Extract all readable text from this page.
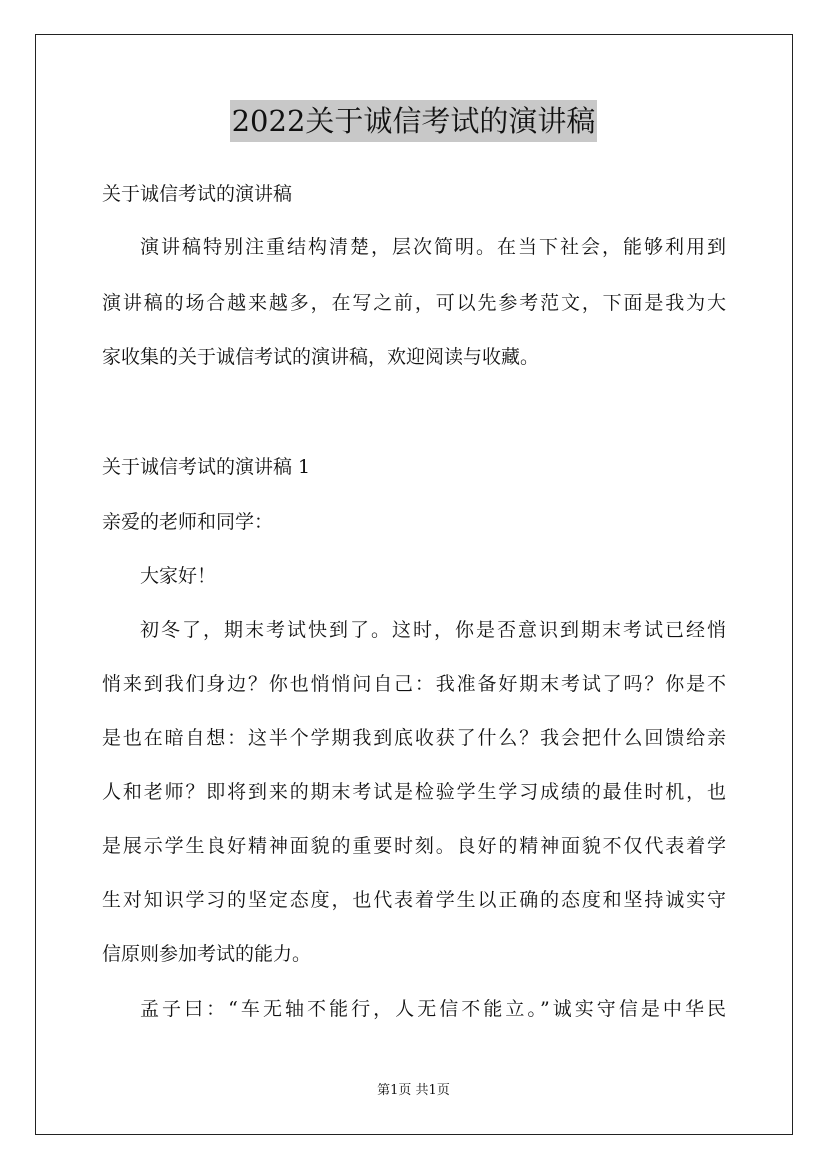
2022关于诚信考试的演讲稿
关于诚信考试的演讲稿
演讲稿特别注重结构清楚，层次简明。在当下社会，能够利用到
演讲稿的场合越来越多，在写之前，可以先参考范文，下面是我为大
家收集的关于诚信考试的演讲稿，欢迎阅读与收藏。
关于诚信考试的演讲稿 1
亲爱的老师和同学：
大家好！
初冬了，期末考试快到了。这时，你是否意识到期末考试已经悄
悄来到我们身边？你也悄悄问自己：我准备好期末考试了吗？你是不
是也在暗自想：这半个学期我到底收获了什么？我会把什么回馈给亲
人和老师？即将到来的期末考试是检验学生学习成绩的最佳时机，也
是展示学生良好精神面貌的重要时刻。良好的精神面貌不仅代表着学
生对知识学习的坚定态度，也代表着学生以正确的态度和坚持诚实守
信原则参加考试的能力。
孟子曰：“车无轴不能行，人无信不能立。”诚实守信是中华民
第1页 共1页
